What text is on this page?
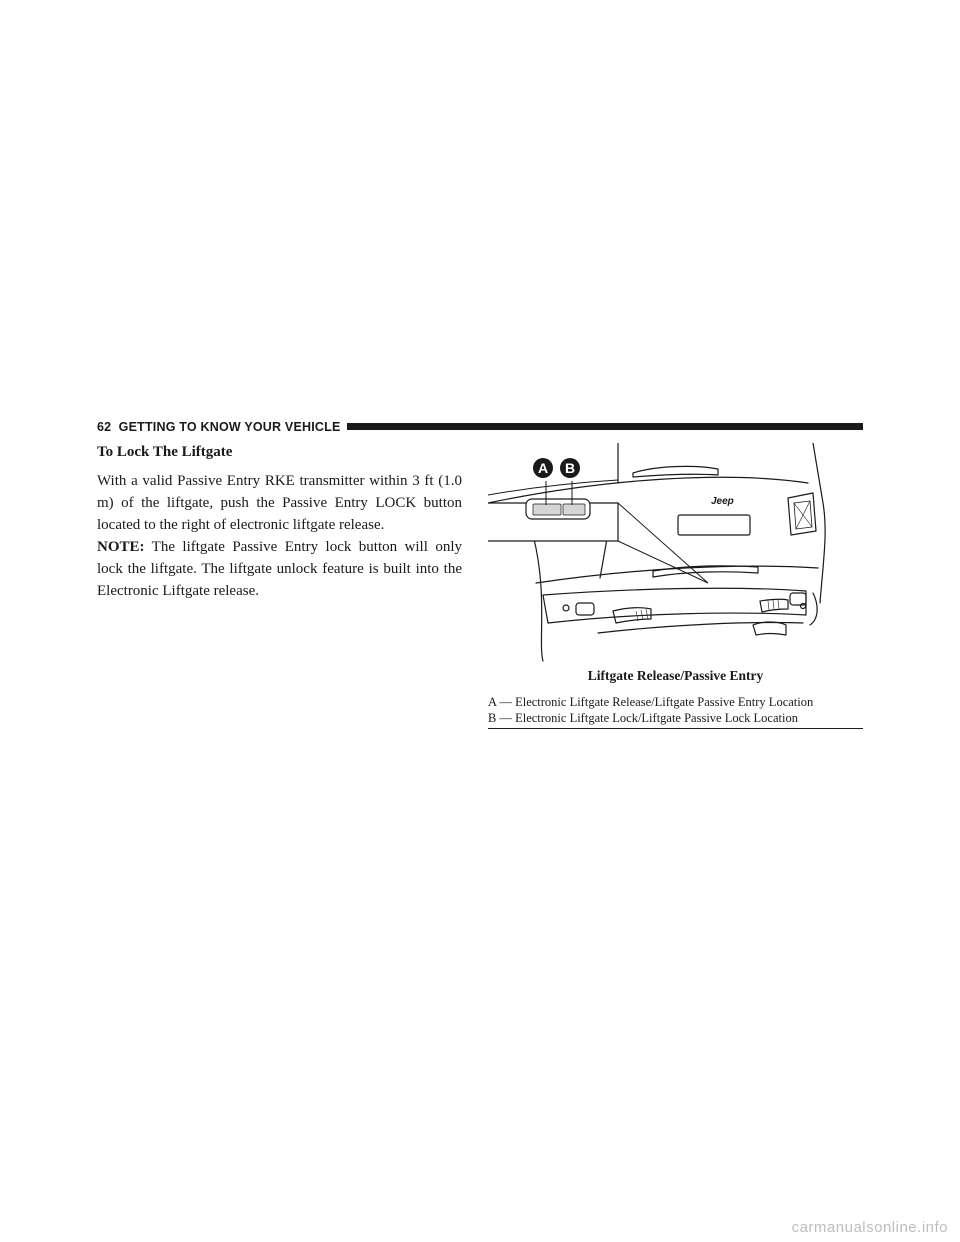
62 GETTING TO KNOW YOUR VEHICLE
To Lock The Liftgate
With a valid Passive Entry RKE transmitter within 3 ft (1.0 m) of the liftgate, push the Passive Entry LOCK button located to the right of electronic liftgate release.
NOTE: The liftgate Passive Entry lock button will only lock the liftgate. The liftgate unlock feature is built into the Electronic Liftgate release.
Jeep
A B
Liftgate Release/Passive Entry
A — Electronic Liftgate Release/Liftgate Passive Entry Location
B — Electronic Liftgate Lock/Liftgate Passive Lock Location
carmanualsonline.info
